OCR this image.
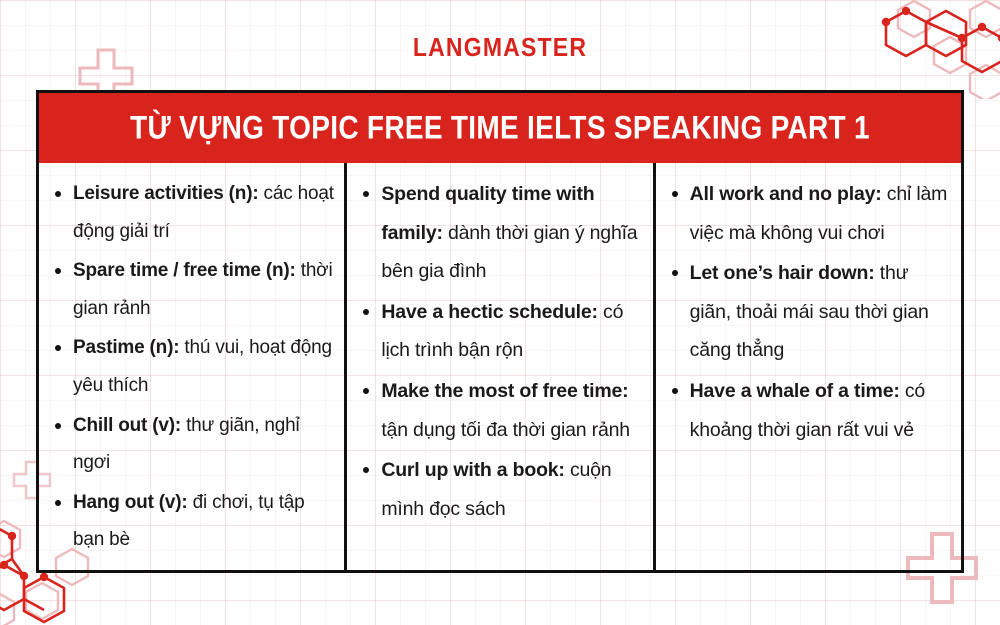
LANGMASTER
TỪ VỰNG TOPIC FREE TIME IELTS SPEAKING PART 1
Leisure activities (n): các hoạt động giải trí
Spare time / free time (n): thời gian rảnh
Pastime (n): thú vui, hoạt động yêu thích
Chill out (v): thư giãn, nghỉ ngơi
Hang out (v): đi chơi, tụ tập bạn bè
Spend quality time with family: dành thời gian ý nghĩa bên gia đình
Have a hectic schedule: có lịch trình bận rộn
Make the most of free time: tận dụng tối đa thời gian rảnh
Curl up with a book: cuộn mình đọc sách
All work and no play: chỉ làm việc mà không vui chơi
Let one’s hair down: thư giãn, thoải mái sau thời gian căng thẳng
Have a whale of a time: có khoảng thời gian rất vui vẻ
